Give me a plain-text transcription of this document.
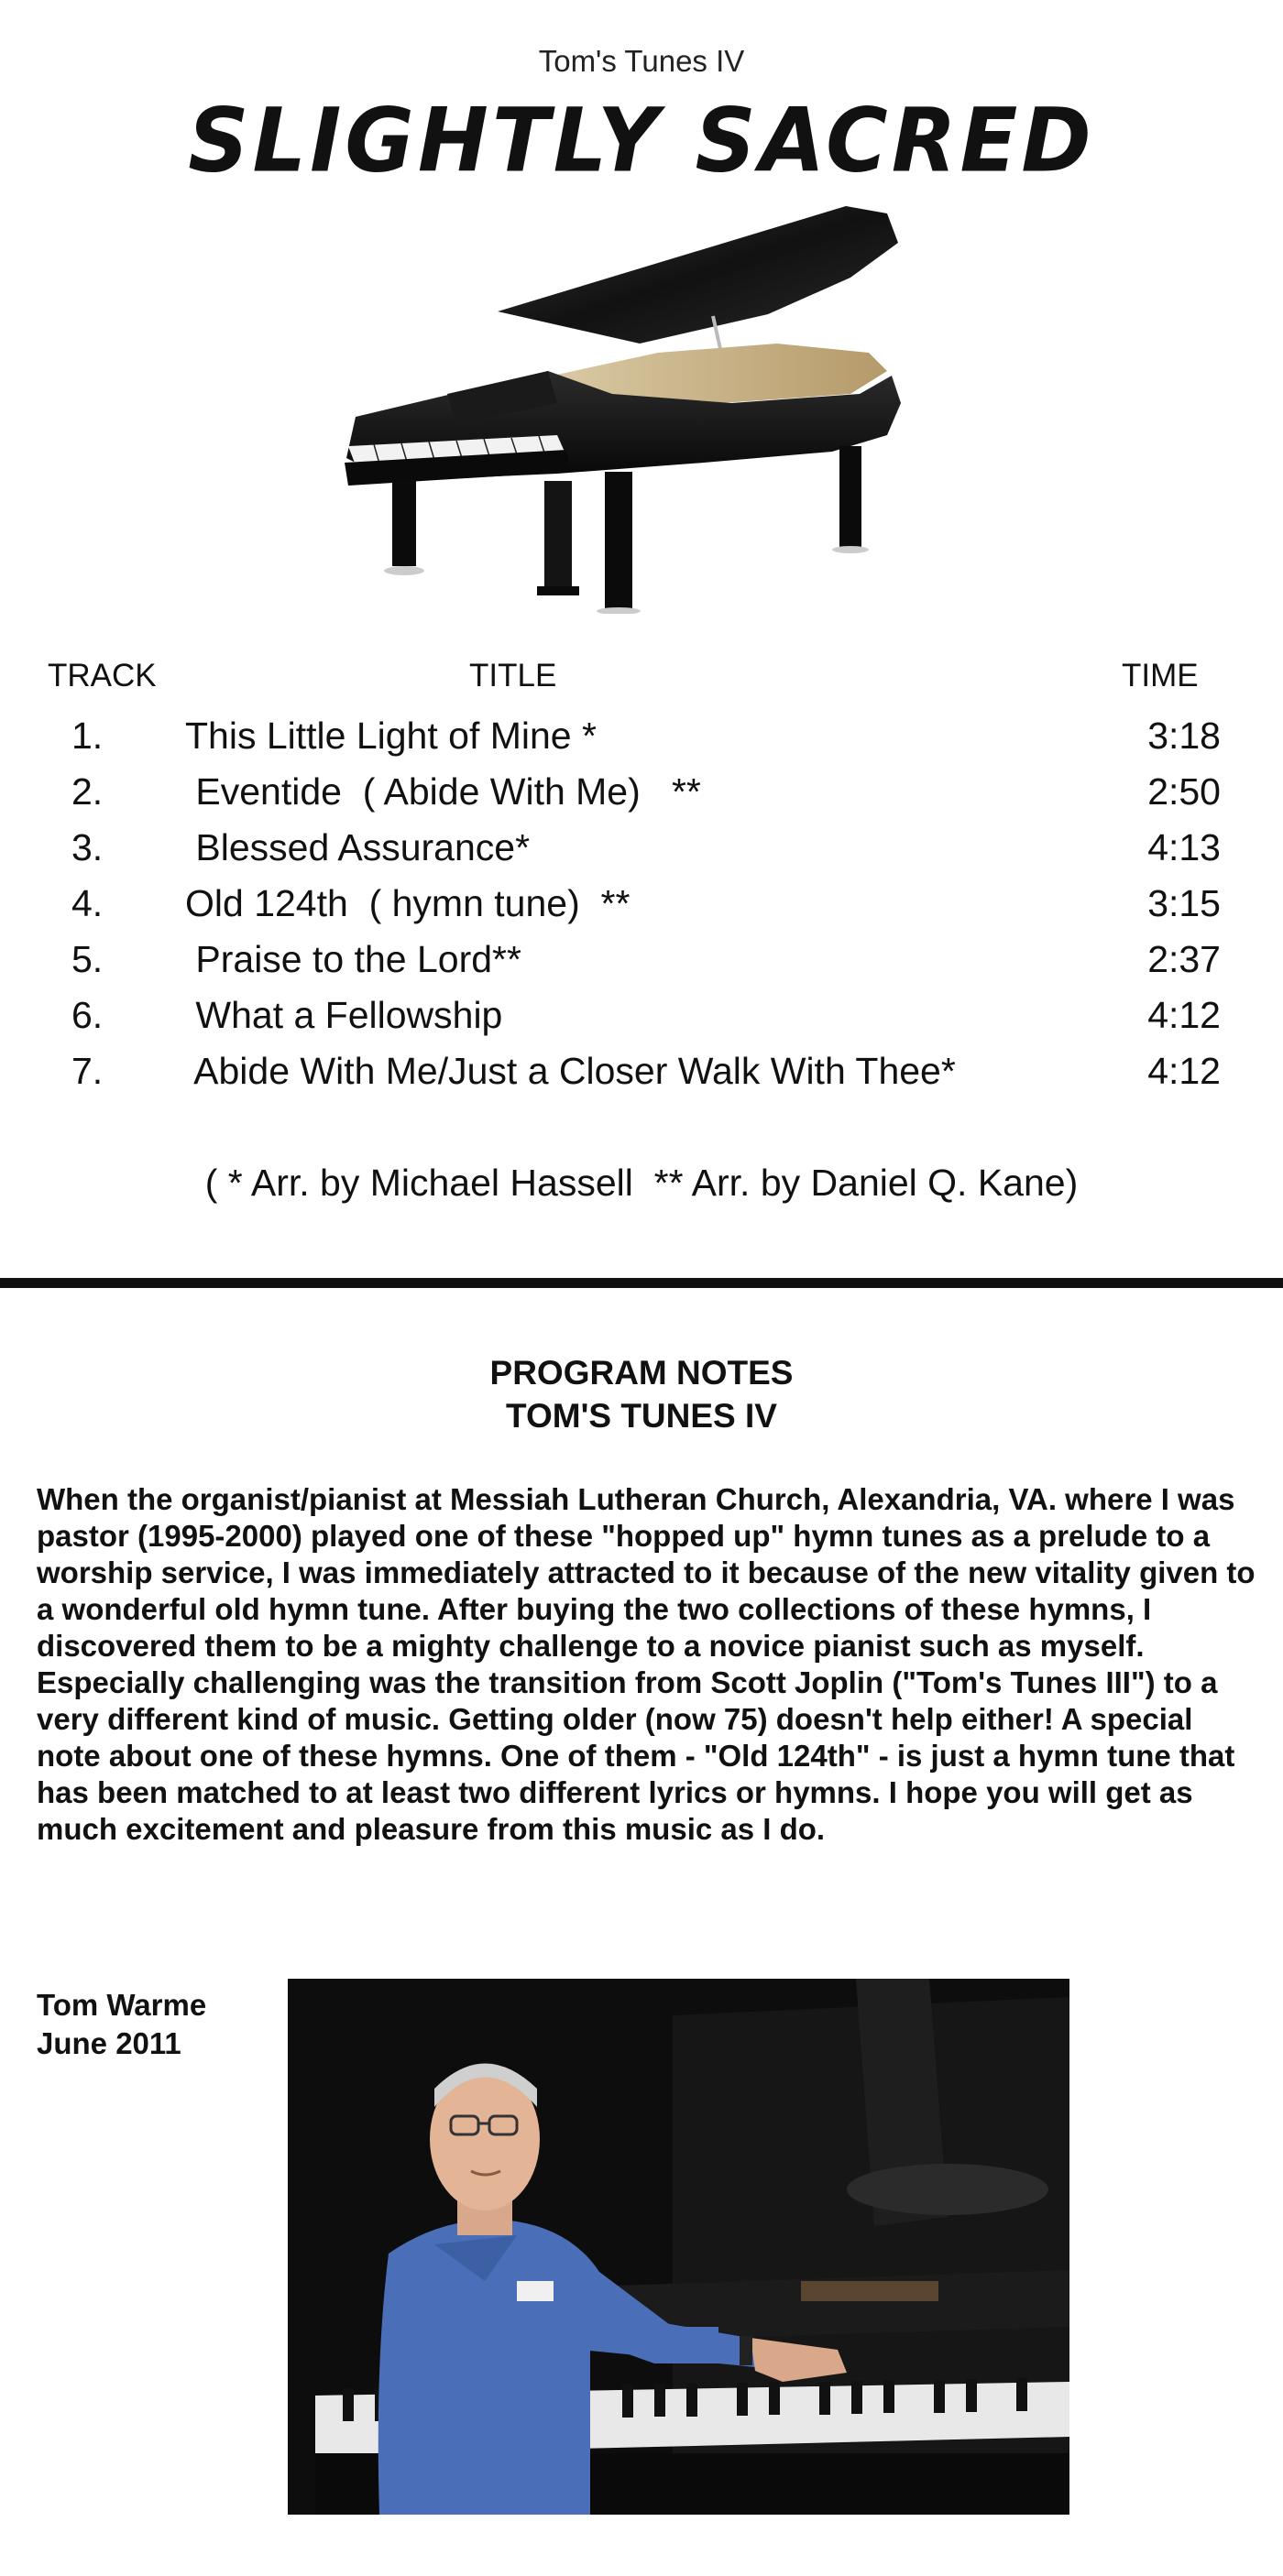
Tom's Tunes IV
SLIGHTLY SACRED
TRACK	TITLE	TIME
1.	This Little Light of Mine *	3:18
2.	Eventide  ( Abide With Me)   **	2:50
3.	Blessed Assurance*	4:13
4.	Old 124th  ( hymn tune)  **	3:15
5.	Praise to the Lord**	2:37
6.	What a Fellowship	4:12
7.	Abide With Me/Just a Closer Walk With Thee*	4:12
( * Arr. by Michael Hassell  ** Arr. by Daniel Q. Kane)
PROGRAM NOTES
TOM'S TUNES IV

When the organist/pianist at Messiah Lutheran Church, Alexandria, VA. where I was pastor (1995-2000) played one of these "hopped up" hymn tunes as a prelude to a worship service, I was immediately attracted to it because of the new vitality given to a wonderful old hymn tune. After buying the two collections of these hymns, I discovered them to be a mighty challenge to a novice pianist such as myself. Especially challenging was the transition from Scott Joplin ("Tom's Tunes III") to a very different kind of music. Getting older (now 75) doesn't help either! A special note about one of these hymns. One of them - "Old 124th" - is just a hymn tune that has been matched to at least two different lyrics or hymns. I hope you will get as much excitement and pleasure from this music as I do.

Tom Warme
June 2011
